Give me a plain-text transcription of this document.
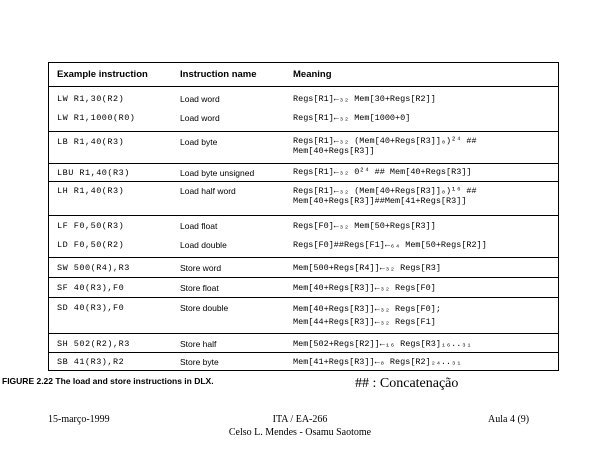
Example instruction	Instruction name	Meaning
LW R1,30(R2)	Load word	Regs[R1]←₃₂ Mem[30+Regs[R2]]
LW R1,1000(R0)	Load word	Regs[R1]←₃₂ Mem[1000+0]
LB R1,40(R3)	Load byte	Regs[R1]←₃₂ (Mem[40+Regs[R3]]₀)²⁴ ##
Mem[40+Regs[R3]]
LBU R1,40(R3)	Load byte unsigned	Regs[R1]←₃₂ 0²⁴ ## Mem[40+Regs[R3]]
LH R1,40(R3)	Load half word	Regs[R1]←₃₂ (Mem[40+Regs[R3]]₀)¹⁶ ##
Mem[40+Regs[R3]]##Mem[41+Regs[R3]]
LF F0,50(R3)	Load float	Regs[F0]←₃₂ Mem[50+Regs[R3]]
LD F0,50(R2)	Load double	Regs[F0]##Regs[F1]←₆₄ Mem[50+Regs[R2]]
SW 500(R4),R3	Store word	Mem[500+Regs[R4]]←₃₂ Regs[R3]
SF 40(R3),F0	Store float	Mem[40+Regs[R3]]←₃₂ Regs[F0]
SD 40(R3),F0	Store double	Mem[40+Regs[R3]]←₃₂ Regs[F0];
Mem[44+Regs[R3]]←₃₂ Regs[F1]
SH 502(R2),R3	Store half	Mem[502+Regs[R2]]←₁₆ Regs[R3]₁₆..₃₁
SB 41(R3),R2	Store byte	Mem[41+Regs[R3]]←₈ Regs[R2]₂₄..₃₁
FIGURE 2.22 The load and store instructions in DLX.	## : Concatenação
15-março-1999	ITA / EA-266
Celso L. Mendes - Osamu Saotome
Aula 4 (9)
